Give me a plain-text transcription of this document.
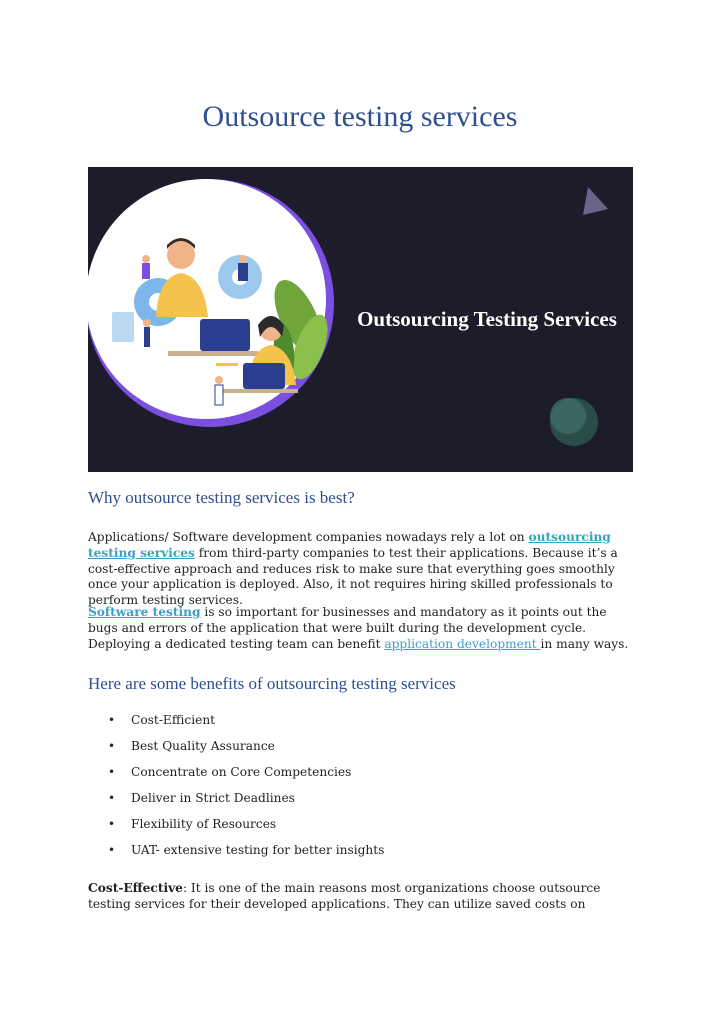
Outsource testing services
Outsourcing Testing Services
Why outsource testing services is best?

Applications/ Software development companies nowadays rely a lot on outsourcing testing services from third-party companies to test their applications. Because it’s a cost-effective approach and reduces risk to make sure that everything goes smoothly once your application is deployed. Also, it not requires hiring skilled professionals to perform testing services.

Software testing is so important for businesses and mandatory as it points out the bugs and errors of the application that were built during the development cycle. Deploying a dedicated testing team can benefit application development in many ways.

Here are some benefits of outsourcing testing services
• Cost-Efficient
• Best Quality Assurance
• Concentrate on Core Competencies
• Deliver in Strict Deadlines
• Flexibility of Resources
• UAT- extensive testing for better insights

Cost-Effective: It is one of the main reasons most organizations choose outsource testing services for their developed applications. They can utilize saved costs on
